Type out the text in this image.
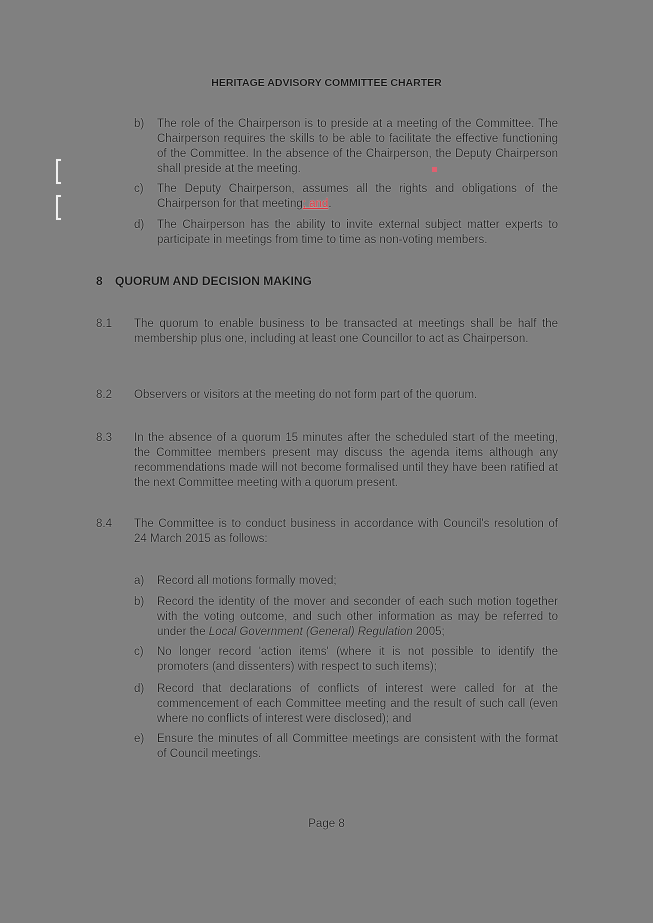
HERITAGE ADVISORY COMMITTEE CHARTER
b) The role of the Chairperson is to preside at a meeting of the Committee. The Chairperson requires the skills to be able to facilitate the effective functioning of the Committee. In the absence of the Chairperson, the Deputy Chairperson shall preside at the meeting.
c) The Deputy Chairperson, assumes all the rights and obligations of the Chairperson for that meeting; and.
d) The Chairperson has the ability to invite external subject matter experts to participate in meetings from time to time as non-voting members.
8 QUORUM AND DECISION MAKING
8.1 The quorum to enable business to be transacted at meetings shall be half the membership plus one, including at least one Councillor to act as Chairperson.
8.2 Observers or visitors at the meeting do not form part of the quorum.
8.3 In the absence of a quorum 15 minutes after the scheduled start of the meeting, the Committee members present may discuss the agenda items although any recommendations made will not become formalised until they have been ratified at the next Committee meeting with a quorum present.
8.4 The Committee is to conduct business in accordance with Council's resolution of 24 March 2015 as follows:
a) Record all motions formally moved;
b) Record the identity of the mover and seconder of each such motion together with the voting outcome, and such other information as may be referred to under the Local Government (General) Regulation 2005;
c) No longer record 'action items' (where it is not possible to identify the promoters (and dissenters) with respect to such items);
d) Record that declarations of conflicts of interest were called for at the commencement of each Committee meeting and the result of such call (even where no conflicts of interest were disclosed); and
e) Ensure the minutes of all Committee meetings are consistent with the format of Council meetings.
Page 8
